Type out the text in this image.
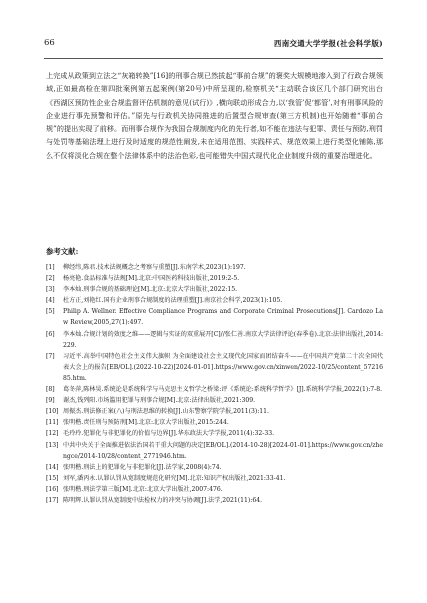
66	西南交通大学学报(社会科学版)

上完成从政策到立法之“灰箱转换”[16]的刑事合规已然拔起“事前合规”的褒奖大规模地渗入到了行政合规领域,正如最高检在第四批案例第五起案例(第20号)中所呈现的,检察机关“主动联合该区几个部门研究出台《西湖区预防性企业合规监督评估机制的意见(试行)》,横向联动形成合力,以‘我管’促‘都管’,对有刑事风险的企业进行事先预警和评估。”原先与行政机关协同推进的后置型合规审查(第三方机制)也开始随着“事前合规”的提出实现了前移。而刑事合规作为我国合规制度内化的先行者,如不能在违法与犯罪、责任与预防,刑罚与处罚等基础法理上进行及时适度的规范性阐发,未在适用范围、实践样式、规范效果上进行类型化铺陈,那么不仅将淡化合规在整个法律体系中的法治色彩,也可能错失中国式现代化企业制度升级的重要治理进化。

参考文献:
[1] 柳经纬,陈君.技术法规概念之考察与重塑[J].东南学术,2023(1):197.
[2] 杨亮艳.食品标准与法规[M].北京:中国医药科技出版社,2019:2-5.
[3] 李本灿.刑事合规的基础理论[M].北京:北京大学出版社,2022:15.
[4] 杜方正,刘艳红.国有企业刑事合规制度的法理重塑[J].南京社会科学,2023(1):105.
[5] Philip A. Wellner. Effective Compliance Programs and Corporate Criminal Prosecutions[J]. Cardozo Law Review,2005,27(1):497.
[6] 李本灿.合规计划的效度之维——逻辑与实证的双重展开[C]//张仁善.南京大学法律评论(春季卷).北京:法律出版社,2014:229.
[7] 习近平.高举中国特色社会主义伟大旗帜 为全面建设社会主义现代化国家而团结奋斗——在中国共产党第二十次全国代表大会上的报告[EB/OL].(2022-10-22)[2024-01-01].https://www.gov.cn/xinwen/2022-10/25/content_5721685.htm.
[8] 葛冬萍,陈林昊.系统论是系统科学与马克思主义哲学之桥梁:评《系统论:系统科学哲学》[J].系统科学学报,2022(1):7-8.
[9] 谢杰,钱列阳.市场滥用犯罪与刑事合规[M].北京:法律出版社,2021:309.
[10] 周振杰.刑法修正案(八)与刑法思维的转换[J].山东警察学院学报,2011(3):11.
[11] 张明楷.责任刑与预防刑[M].北京:北京大学出版社,2015:244.
[12] 毛玲玲.犯罪化与非犯罪化的价值与边界[J].华东政法大学学报,2011(4):32-33.
[13] 中共中央关于全面推进依法治国若干重大问题的决定[EB/OL].(2014-10-28)[2024-01-01].https://www.gov.cn/zhengce/2014-10/28/content_2771946.htm.
[14] 张明楷.刑法上的犯罪化与非犯罪化[J].法学家,2008(4):74.
[15] 刘军,潘丙永.认罪认罚从宽制度规范化研究[M].北京:知识产权出版社,2021:33-41.
[16] 张明楷.刑法学第三版[M].北京:北京大学出版社,2007:476.
[17] 陈明辉.认罪认罚从宽制度中法检权力的冲突与协调[J].法学,2021(11):64.
